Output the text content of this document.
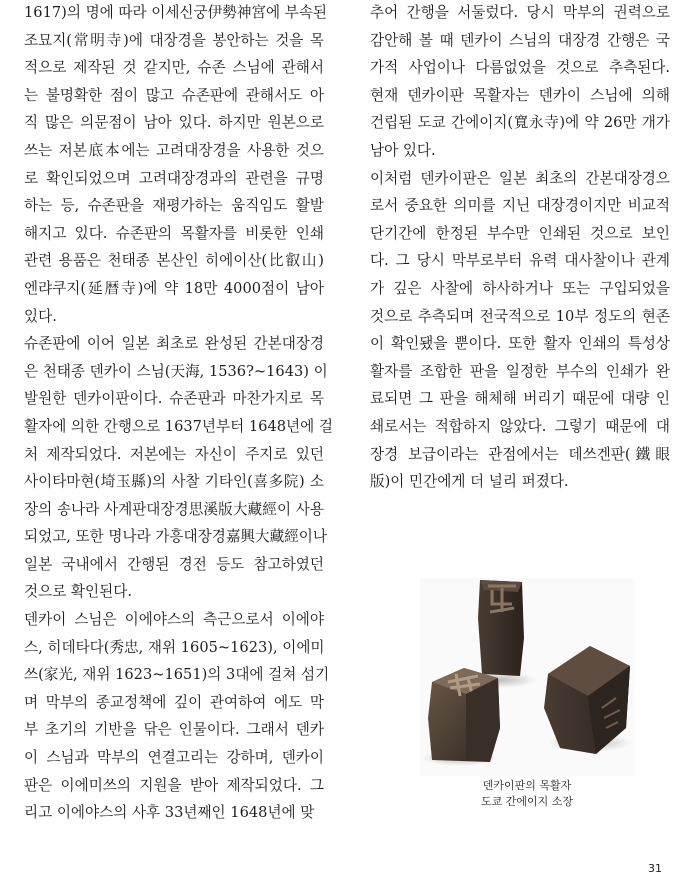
1617)의 명에 따라 이세신궁伊勢神宮에 부속된
조묘지(常明寺)에 대장경을 봉안하는 것을 목
적으로 제작된 것 같지만, 슈존 스님에 관해서
는 불명확한 점이 많고 슈존판에 관해서도 아
직 많은 의문점이 남아 있다. 하지만 원본으로
쓰는 저본底本에는 고려대장경을 사용한 것으
로 확인되었으며 고려대장경과의 관련을 규명
하는 등, 슈존판을 재평가하는 움직임도 활발
해지고 있다. 슈존판의 목활자를 비롯한 인쇄
관련 용품은 천태종 본산인 히에이산(比叡山)
엔랴쿠지(延暦寺)에 약 18만 4000점이 남아
있다.

슈존판에 이어 일본 최초로 완성된 간본대장경
은 천태종 덴카이 스님(天海, 1536?~1643) 이
발원한 덴카이판이다. 슈존판과 마찬가지로 목
활자에 의한 간행으로 1637년부터 1648년에 걸
처 제작되었다. 저본에는 자신이 주지로 있던
사이타마현(埼玉縣)의 사찰 기타인(喜多院) 소
장의 송나라 사계판대장경思溪版大藏經이 사용
되었고, 또한 명나라 가흥대장경嘉興大藏經이나
일본 국내에서 간행된 경전 등도 참고하였던
것으로 확인된다.

덴카이 스님은 이에야스의 측근으로서 이에야
스, 히데타다(秀忠, 재위 1605~1623), 이에미
쓰(家光, 재위 1623~1651)의 3대에 걸쳐 섬기
며 막부의 종교정책에 깊이 관여하여 에도 막
부 초기의 기반을 닦은 인물이다. 그래서 덴카
이 스님과 막부의 연결고리는 강하며, 덴카이
판은 이에미쓰의 지원을 받아 제작되었다. 그
리고 이에야스의 사후 33년째인 1648년에 맞

추어 간행을 서둘렀다. 당시 막부의 권력으로
감안해 볼 때 덴카이 스님의 대장경 간행은 국
가적 사업이나 다름없었을 것으로 추측된다.
현재 덴카이판 목활자는 덴카이 스님에 의해
건립된 도쿄 간에이지(寬永寺)에 약 26만 개가
남아 있다.

이처럼 덴카이판은 일본 최초의 간본대장경으
로서 중요한 의미를 지닌 대장경이지만 비교적
단기간에 한정된 부수만 인쇄된 것으로 보인
다. 그 당시 막부로부터 유력 대사찰이나 관계
가 깊은 사찰에 하사하거나 또는 구입되었을
것으로 추측되며 전국적으로 10부 정도의 현존
이 확인됐을 뿐이다. 또한 활자 인쇄의 특성상
활자를 조합한 판을 일정한 부수의 인쇄가 완
료되면 그 판을 해체해 버리기 때문에 대량 인
쇄로서는 적합하지 않았다. 그렇기 때문에 대
장경 보급이라는 관점에서는 데쓰겐판(鐵眼
版)이 민간에게 더 널리 퍼졌다.

덴카이판의 목활자
도쿄 간에이지 소장
31
